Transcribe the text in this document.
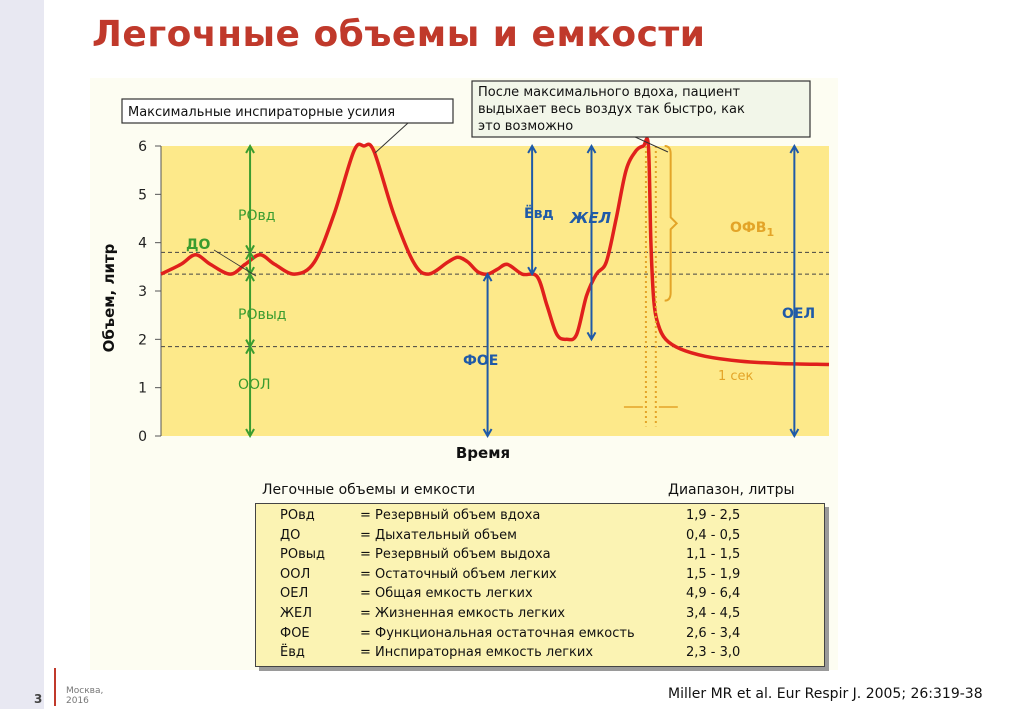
Легочные объемы и емкости
0
1
2
3
4
5
6
Объем, литр
Время
Максимальные инспираторные усилия
После максимального вдоха, пациент
выдыхает весь воздух так быстро, как
это возможно
РОвд
ДО
РОвыд
ООЛ
Ёвд ЖЕЛ
ФОЕ
$ОФВ_1$
ОЕЛ
1 сек
Легочные объемы и емкости	Диапазон, литры
РОвд	= Резервный объем вдоха	1,9 - 2,5
ДО	= Дыхательный объем	0,4 - 0,5
РОвыд	= Резервный объем выдоха	1,1 - 1,5
ООЛ	= Остаточный объем легких	1,5 - 1,9
ОЕЛ	= Общая емкость легких	4,9 - 6,4
ЖЕЛ	= Жизненная емкость легких	3,4 - 4,5
ФОЕ	= Функциональная остаточная емкость	2,6 - 3,4
Ёвд	= Инспираторная емкость легких	2,3 - 3,0
3
Москва,
2016	Miller MR et al. Eur Respir J. 2005; 26:319-38
